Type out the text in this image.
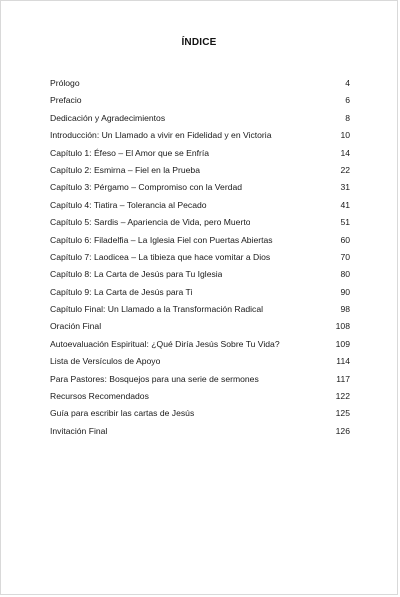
ÍNDICE
Prólogo	4
Prefacio	6
Dedicación y Agradecimientos	8
Introducción: Un Llamado a vivir en Fidelidad y en Victoria	10
Capítulo 1: Éfeso – El Amor que se Enfría	14
Capítulo 2: Esmirna – Fiel en la Prueba	22
Capítulo 3: Pérgamo – Compromiso con la Verdad	31
Capítulo 4: Tiatira – Tolerancia al Pecado	41
Capítulo 5: Sardis – Apariencia de Vida, pero Muerto	51
Capítulo 6: Filadelfia – La Iglesia Fiel con Puertas Abiertas	60
Capítulo 7: Laodicea – La tibieza que hace vomitar a Dios	70
Capítulo 8: La Carta de Jesús para Tu Iglesia	80
Capítulo 9: La Carta de Jesús para Ti	90
Capítulo Final: Un Llamado a la Transformación Radical	98
Oración Final	108
Autoevaluación Espiritual: ¿Qué Diría Jesús Sobre Tu Vida?	109
Lista de Versículos de Apoyo	114
Para Pastores: Bosquejos para una serie de sermones	117
Recursos Recomendados	122
Guía para escribir las cartas de Jesús	125
Invitación Final	126
